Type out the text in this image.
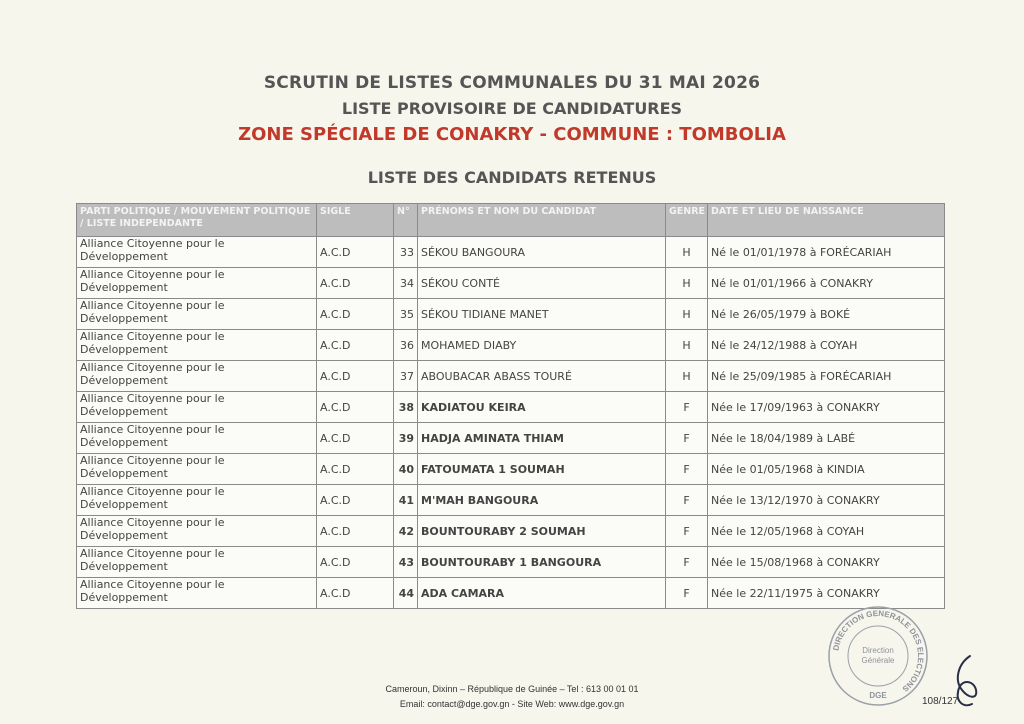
SCRUTIN DE LISTES COMMUNALES DU 31 MAI 2026
LISTE PROVISOIRE DE CANDIDATURES
ZONE SPÉCIALE DE CONAKRY - COMMUNE : TOMBOLIA
LISTE DES CANDIDATS RETENUS
PARTI POLITIQUE / MOUVEMENT POLITIQUE / LISTE INDEPENDANTE	SIGLE	N°	PRÉNOMS ET NOM DU CANDIDAT	GENRE	DATE ET LIEU DE NAISSANCE
Alliance Citoyenne pour le Développement	A.C.D	33	SÉKOU BANGOURA	H	Né le 01/01/1978 à FORÉCARIAH
Alliance Citoyenne pour le Développement	A.C.D	34	SÉKOU CONTÉ	H	Né le 01/01/1966 à CONAKRY
Alliance Citoyenne pour le Développement	A.C.D	35	SÉKOU TIDIANE MANET	H	Né le 26/05/1979 à BOKÉ
Alliance Citoyenne pour le Développement	A.C.D	36	MOHAMED DIABY	H	Né le 24/12/1988 à COYAH
Alliance Citoyenne pour le Développement	A.C.D	37	ABOUBACAR ABASS TOURÉ	H	Né le 25/09/1985 à FORÉCARIAH
Alliance Citoyenne pour le Développement	A.C.D	38	KADIATOU KEIRA	F	Née le 17/09/1963 à CONAKRY
Alliance Citoyenne pour le Développement	A.C.D	39	HADJA AMINATA THIAM	F	Née le 18/04/1989 à LABÉ
Alliance Citoyenne pour le Développement	A.C.D	40	FATOUMATA 1 SOUMAH	F	Née le 01/05/1968 à KINDIA
Alliance Citoyenne pour le Développement	A.C.D	41	M'MAH BANGOURA	F	Née le 13/12/1970 à CONAKRY
Alliance Citoyenne pour le Développement	A.C.D	42	BOUNTOURABY 2 SOUMAH	F	Née le 12/05/1968 à COYAH
Alliance Citoyenne pour le Développement	A.C.D	43	BOUNTOURABY 1 BANGOURA	F	Née le 15/08/1968 à CONAKRY
Alliance Citoyenne pour le Développement	A.C.D	44	ADA CAMARA	F	Née le 22/11/1975 à CONAKRY
DIRECTION GENERALE DES ELECTIONS
Direction
Générale
DGE
Cameroun, Dixinn – République de Guinée – Tel : 613 00 01 01
Email: contact@dge.gov.gn - Site Web: www.dge.gov.gn	108/127
